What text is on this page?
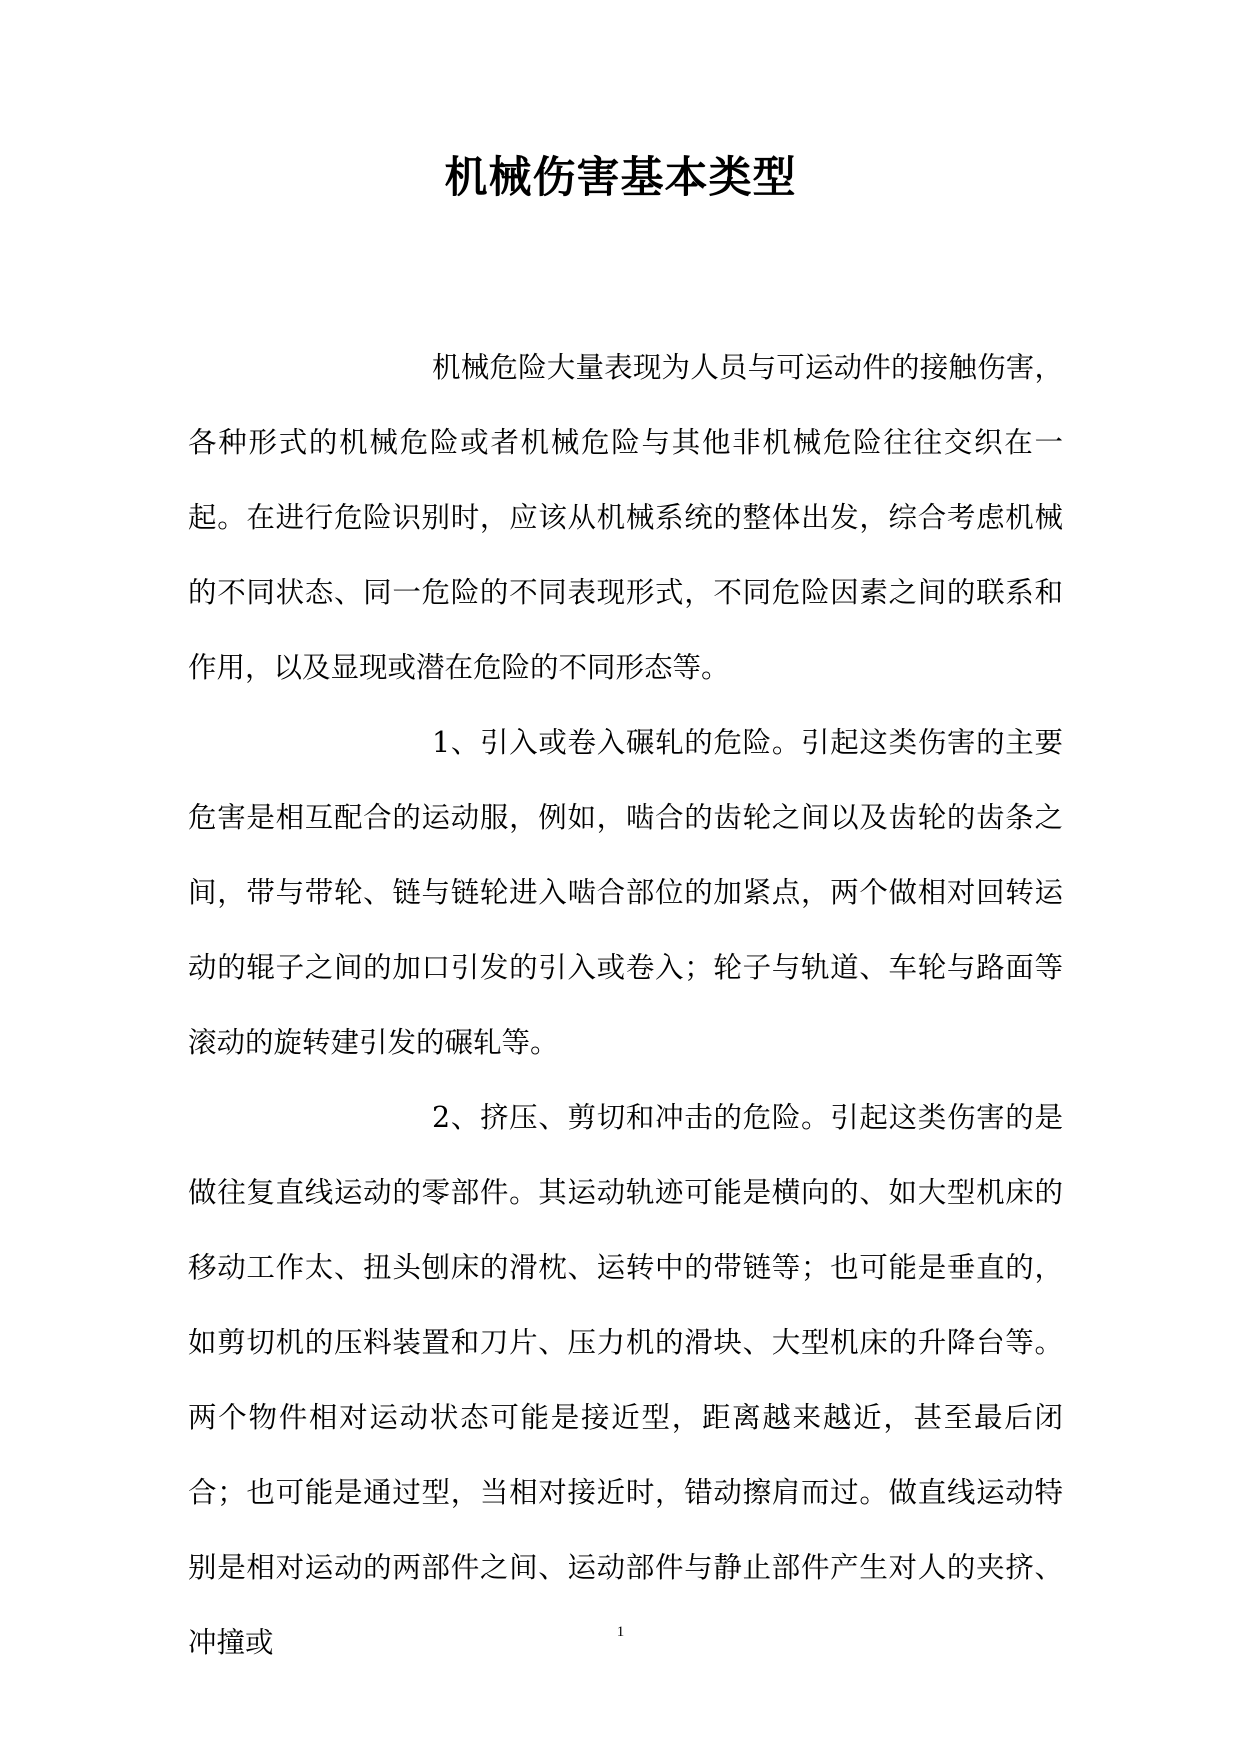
机械伤害基本类型

机械危险大量表现为人员与可运动件的接触伤害，各种形式的机械危险或者机械危险与其他非机械危险往往交织在一起。在进行危险识别时，应该从机械系统的整体出发，综合考虑机械的不同状态、同一危险的不同表现形式，不同危险因素之间的联系和作用，以及显现或潜在危险的不同形态等。

1、引入或卷入碾轧的危险。引起这类伤害的主要危害是相互配合的运动服，例如，啮合的齿轮之间以及齿轮的齿条之间，带与带轮、链与链轮进入啮合部位的加紧点，两个做相对回转运动的辊子之间的加口引发的引入或卷入；轮子与轨道、车轮与路面等滚动的旋转建引发的碾轧等。

2、挤压、剪切和冲击的危险。引起这类伤害的是做往复直线运动的零部件。其运动轨迹可能是横向的、如大型机床的移动工作太、扭头刨床的滑枕、运转中的带链等；也可能是垂直的，如剪切机的压料装置和刀片、压力机的滑块、大型机床的升降台等。两个物件相对运动状态可能是接近型，距离越来越近，甚至最后闭合；也可能是通过型，当相对接近时，错动擦肩而过。做直线运动特别是相对运动的两部件之间、运动部件与静止部件产生对人的夹挤、冲撞或	1
